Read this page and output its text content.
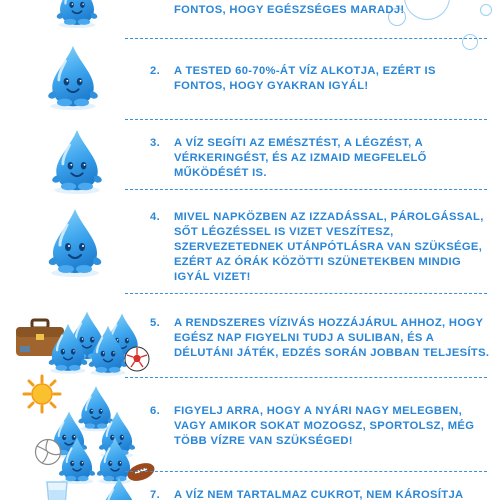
FONTOS, HOGY EGÉSZSÉGES MARADJ!
2.	A TESTED 60-70%-ÁT VÍZ ALKOTJA, EZÉRT IS FONTOS, HOGY GYAKRAN IGYÁL!
3.	A VÍZ SEGÍTI AZ EMÉSZTÉST, A LÉGZÉST, A VÉRKERINGÉST, ÉS AZ IZMAID MEGFELELŐ MŰKÖDÉSÉT IS.
4.	MIVEL NAPKÖZBEN AZ IZZADÁSSAL, PÁROLGÁSSAL, SŐT LÉGZÉSSEL IS VIZET VESZÍTESZ, SZERVEZETEDNEK UTÁNPÓTLÁSRA VAN SZÜKSÉGE, EZÉRT AZ ÓRÁK KÖZÖTTI SZÜNETEKBEN MINDIG IGYÁL VIZET!
5.	A RENDSZERES VÍZIVÁS HOZZÁJÁRUL AHHOZ, HOGY EGÉSZ NAP FIGYELNI TUDJ A SULIBAN, ÉS A DÉLUTÁNI JÁTÉK, EDZÉS SORÁN JOBBAN TELJESÍTS.
6.	FIGYELJ ARRA, HOGY A NYÁRI NAGY MELEGBEN, VAGY AMIKOR SOKAT MOZOGSZ, SPORTOLSZ, MÉG TÖBB VÍZRE VAN SZÜKSÉGED!
7.	A VÍZ NEM TARTALMAZ CUKROT, NEM KÁROSÍTJA
